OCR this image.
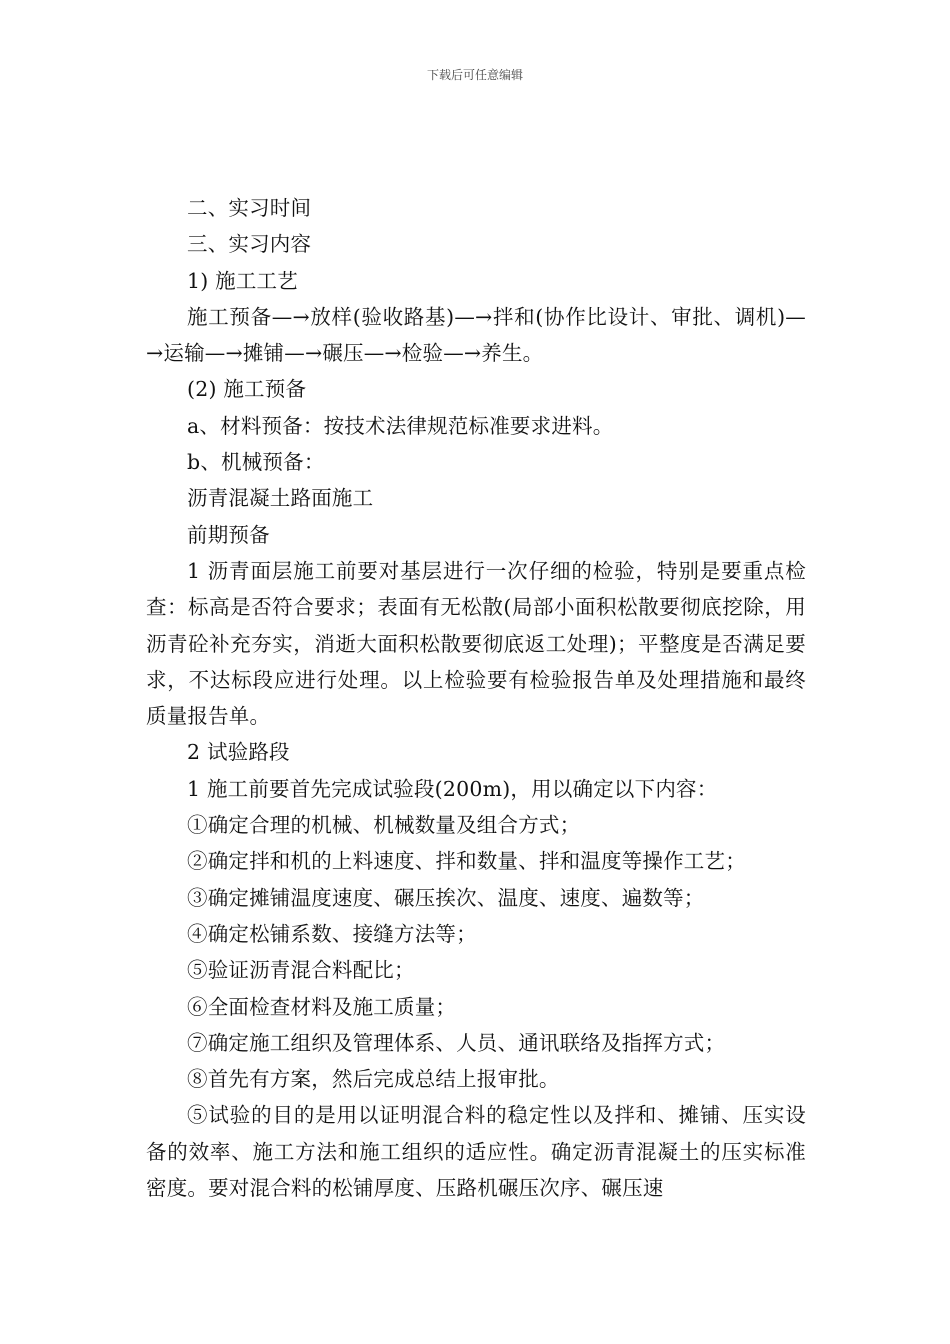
下载后可任意编辑

二、实习时间

三、实习内容

1) 施工工艺

施工预备—→放样(验收路基)—→拌和(协作比设计、审批、调机)—→运输—→摊铺—→碾压—→检验—→养生。

(2) 施工预备

a、材料预备：按技术法律规范标准要求进料。

b、机械预备：

沥青混凝土路面施工

前期预备

1 沥青面层施工前要对基层进行一次仔细的检验，特别是要重点检查：标高是否符合要求；表面有无松散(局部小面积松散要彻底挖除，用沥青砼补充夯实，消逝大面积松散要彻底返工处理)；平整度是否满足要求，不达标段应进行处理。以上检验要有检验报告单及处理措施和最终质量报告单。

2 试验路段

1 施工前要首先完成试验段(200m)，用以确定以下内容：

①确定合理的机械、机械数量及组合方式；

②确定拌和机的上料速度、拌和数量、拌和温度等操作工艺；

③确定摊铺温度速度、碾压挨次、温度、速度、遍数等；

④确定松铺系数、接缝方法等；

⑤验证沥青混合料配比；

⑥全面检查材料及施工质量；

⑦确定施工组织及管理体系、人员、通讯联络及指挥方式；

⑧首先有方案，然后完成总结上报审批。

⑤试验的目的是用以证明混合料的稳定性以及拌和、摊铺、压实设备的效率、施工方法和施工组织的适应性。确定沥青混凝土的压实标准密度。要对混合料的松铺厚度、压路机碾压次序、碾压速
